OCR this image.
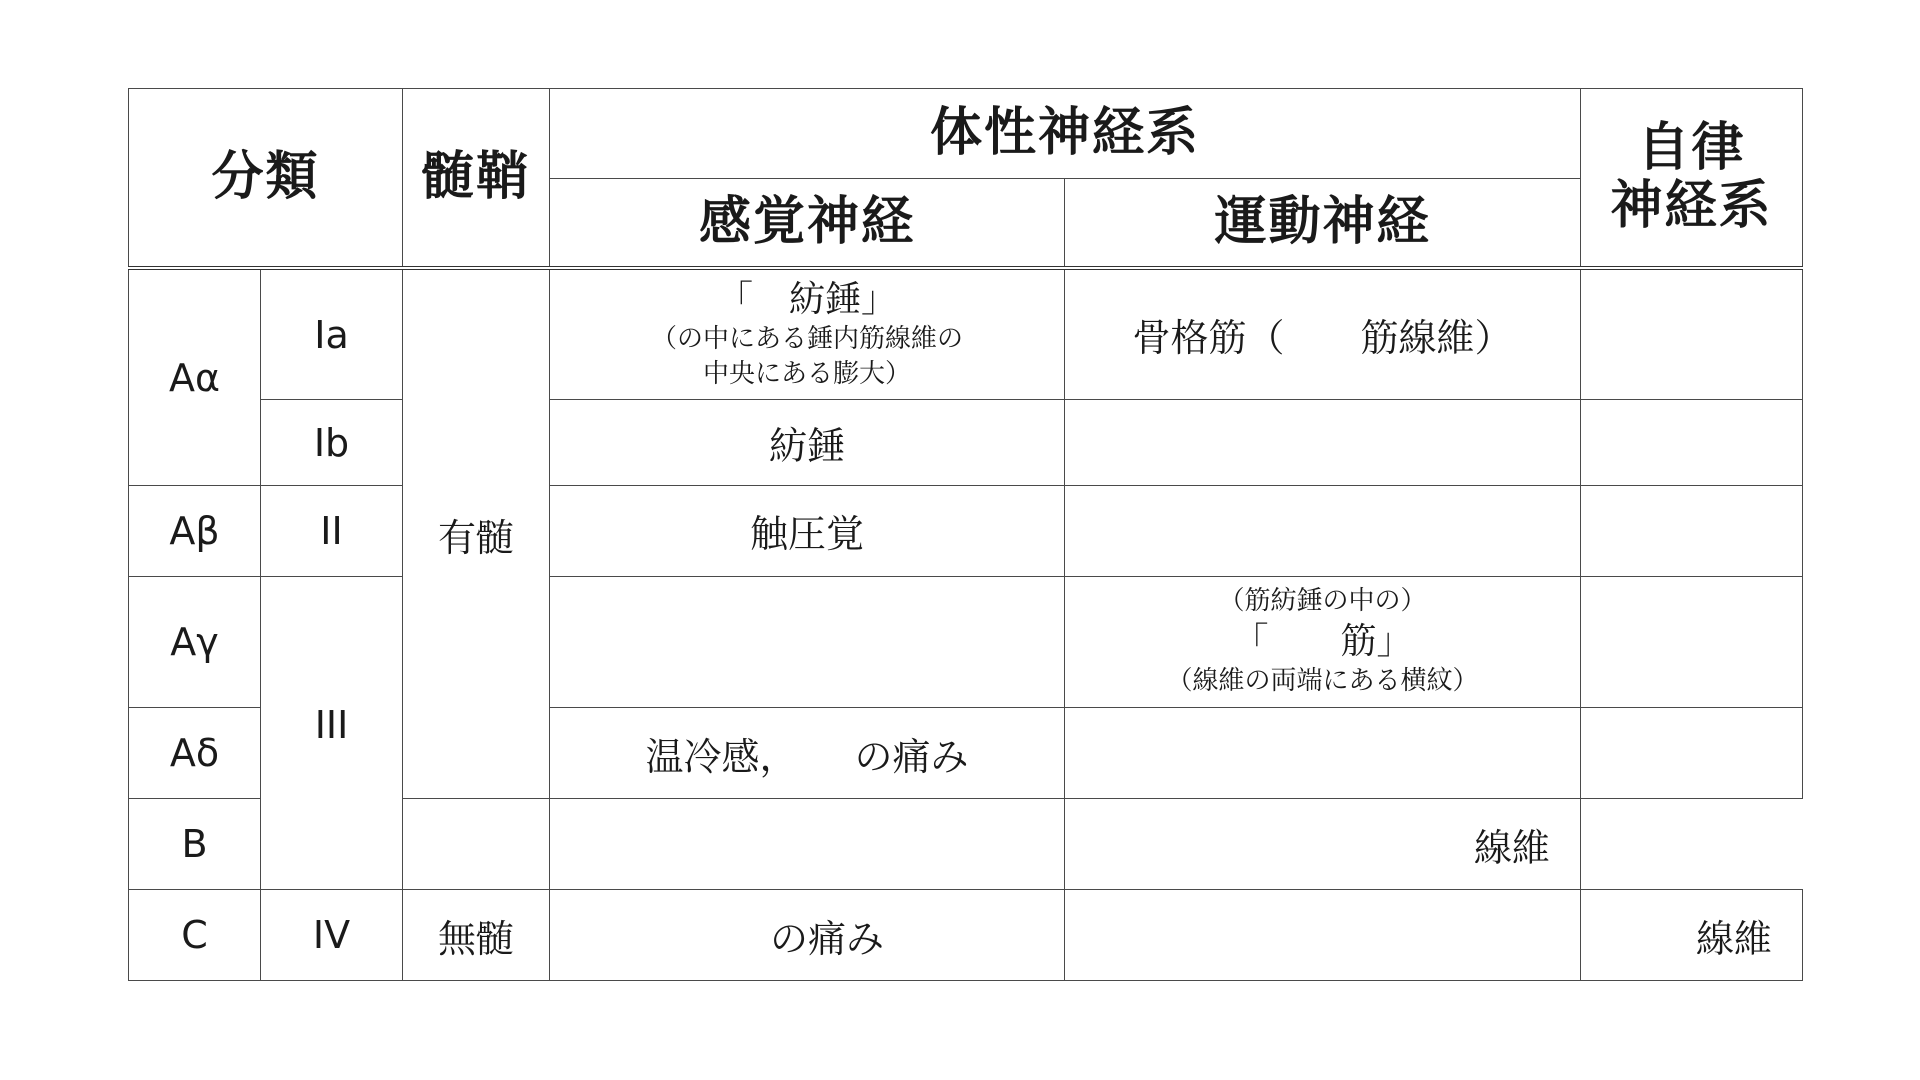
分類		髄鞘	体性神経系		自律
神経系

			感覚神経	運動神経	
Aα	Ia	有髄	「　紡錘」
（の中にある錘内筋線維の
中央にある膨大）	骨格筋（　　筋線維）	
	Ib		紡錘		
Aβ	II		触圧覚		
Aγ	III			（筋紡錘の中の）
「　　筋」
（線維の両端にある横紋）	

Aδ			温冷感，　　の痛み		
B				線維	
C	IV	無髄	の痛み		線維
